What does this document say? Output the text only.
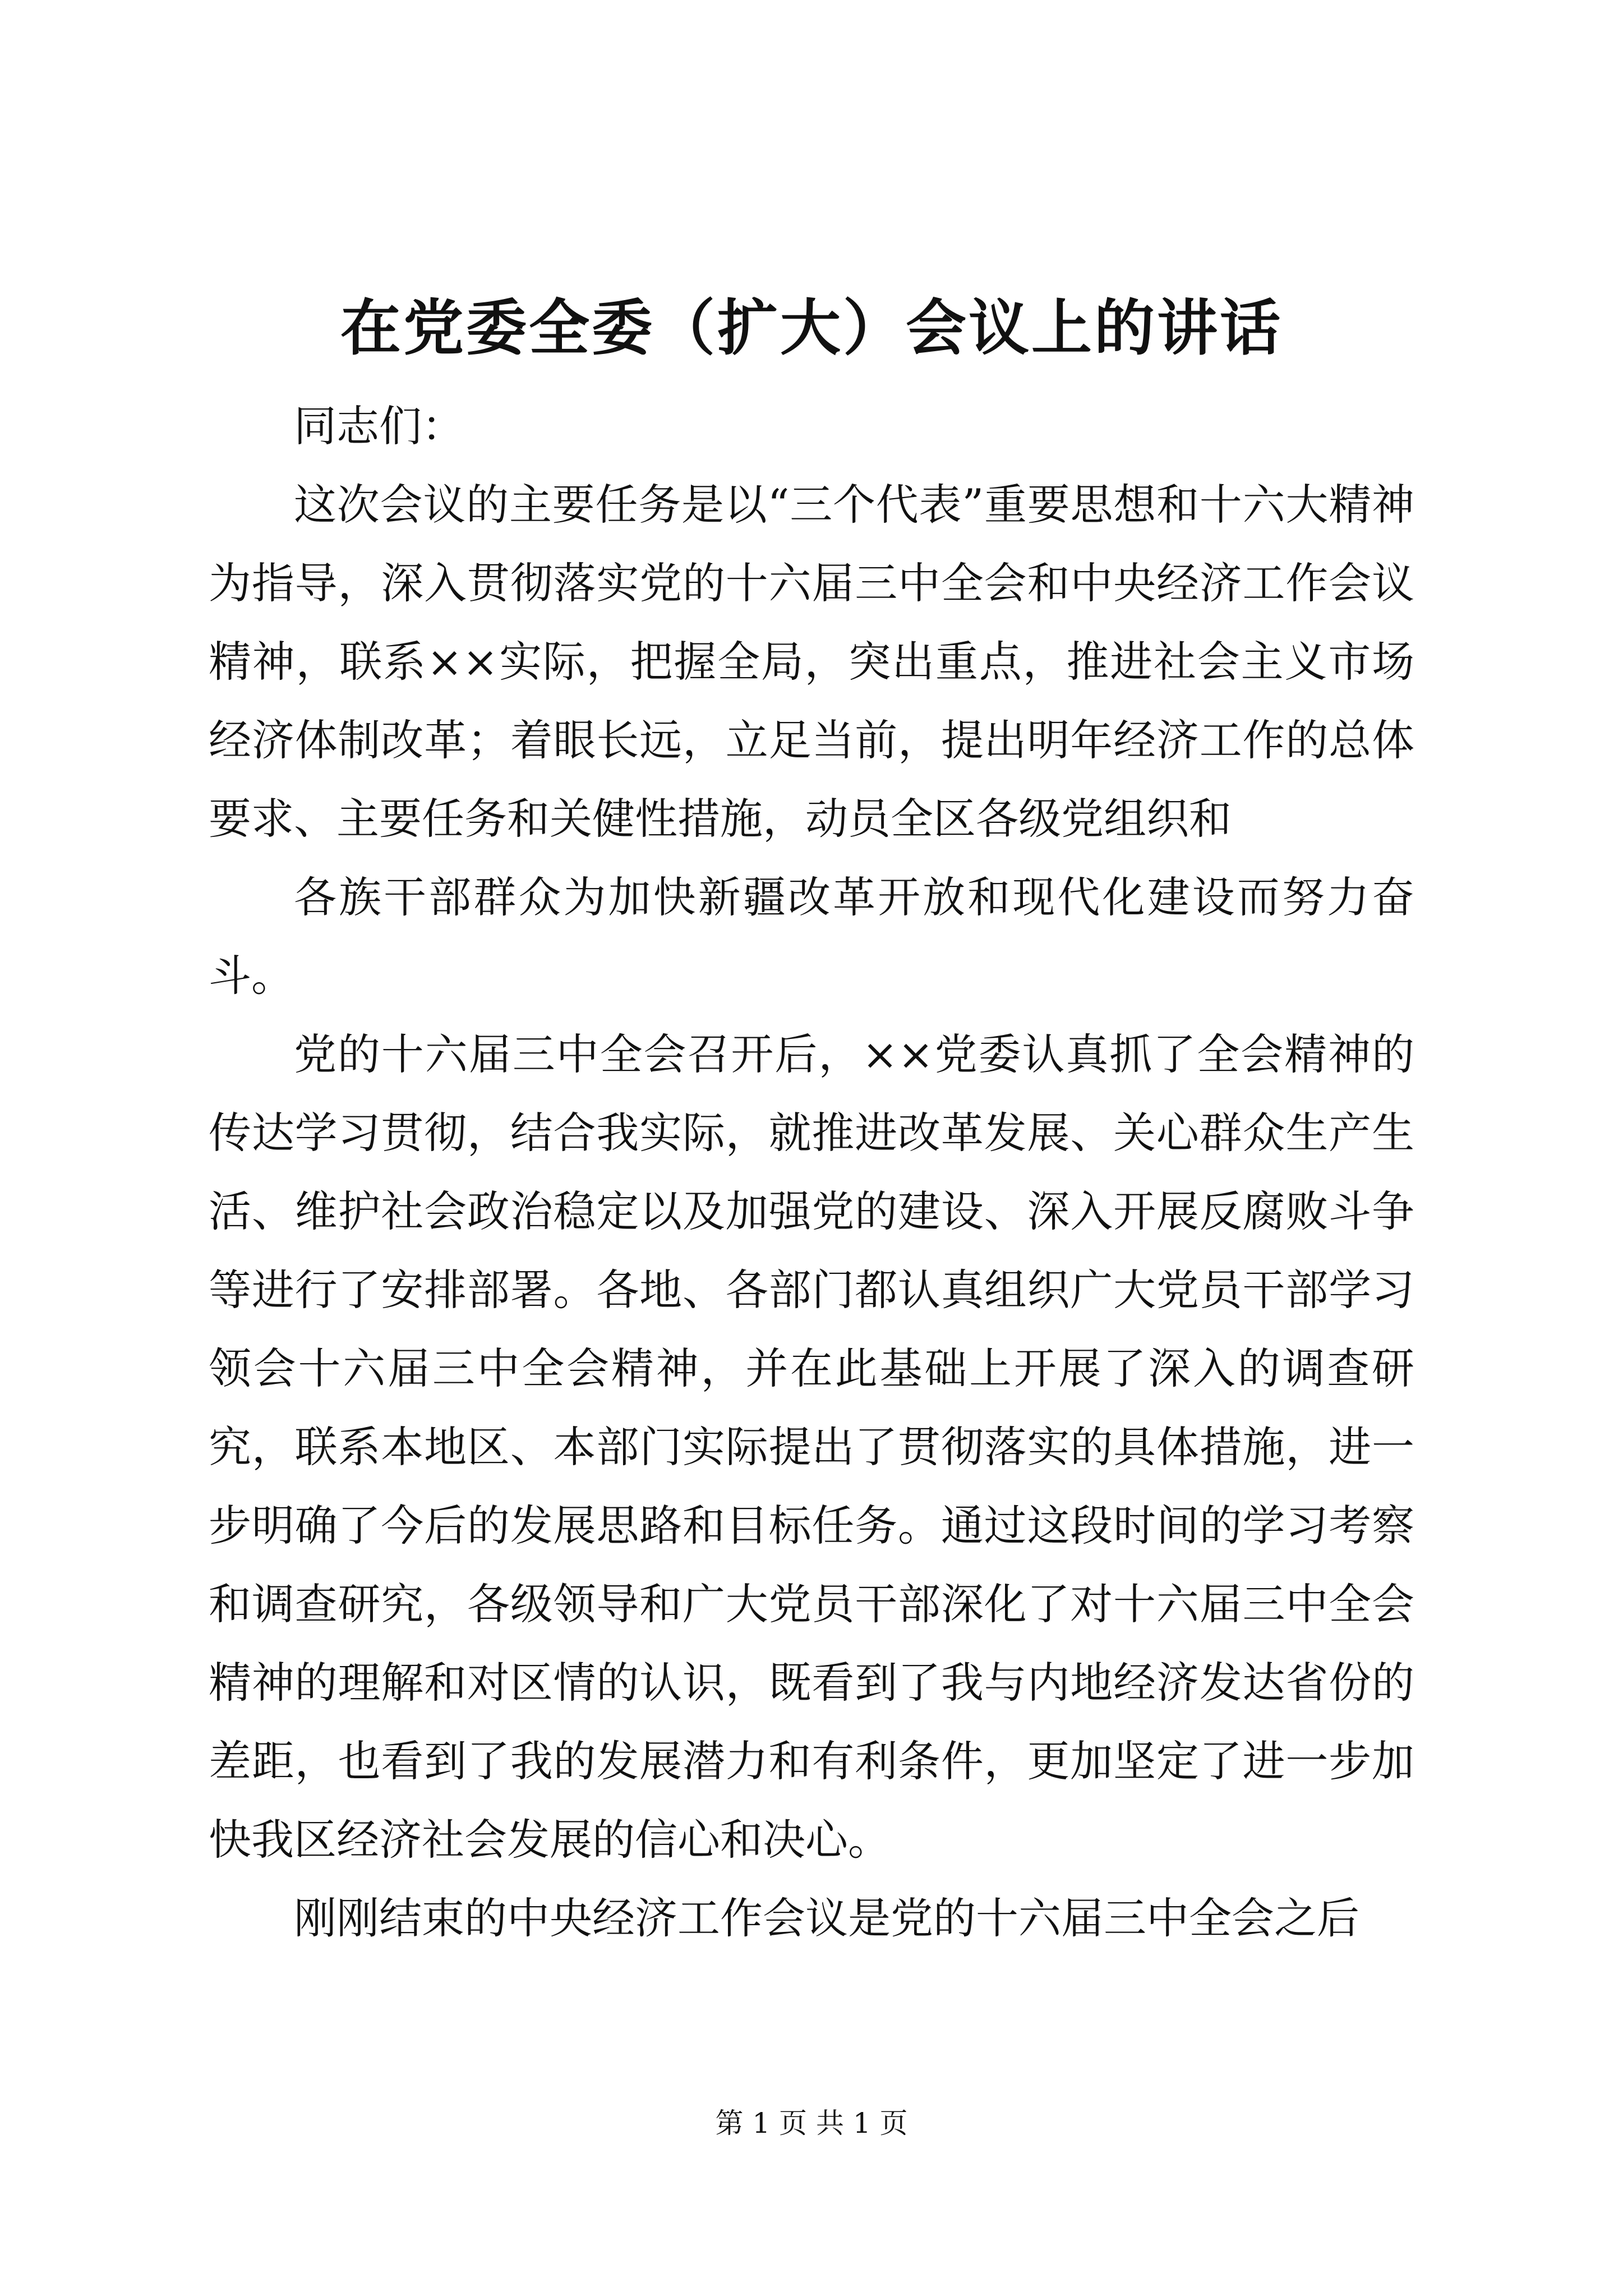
在党委全委（扩大）会议上的讲话

同志们：

这次会议的主要任务是以“三个代表”重要思想和十六大精神为指导，深入贯彻落实党的十六届三中全会和中央经济工作会议精神，联系××实际，把握全局，突出重点，推进社会主义市场经济体制改革；着眼长远，立足当前，提出明年经济工作的总体要求、主要任务和关健性措施，动员全区各级党组织和

各族干部群众为加快新疆改革开放和现代化建设而努力奋斗。

党的十六届三中全会召开后，××党委认真抓了全会精神的传达学习贯彻，结合我实际，就推进改革发展、关心群众生产生活、维护社会政治稳定以及加强党的建设、深入开展反腐败斗争等进行了安排部署。各地、各部门都认真组织广大党员干部学习领会十六届三中全会精神，并在此基础上开展了深入的调查研究，联系本地区、本部门实际提出了贯彻落实的具体措施，进一步明确了今后的发展思路和目标任务。通过这段时间的学习考察和调查研究，各级领导和广大党员干部深化了对十六届三中全会精神的理解和对区情的认识，既看到了我与内地经济发达省份的差距，也看到了我的发展潜力和有利条件，更加坚定了进一步加快我区经济社会发展的信心和决心。

刚刚结束的中央经济工作会议是党的十六届三中全会之后

第 1 页 共 1 页
